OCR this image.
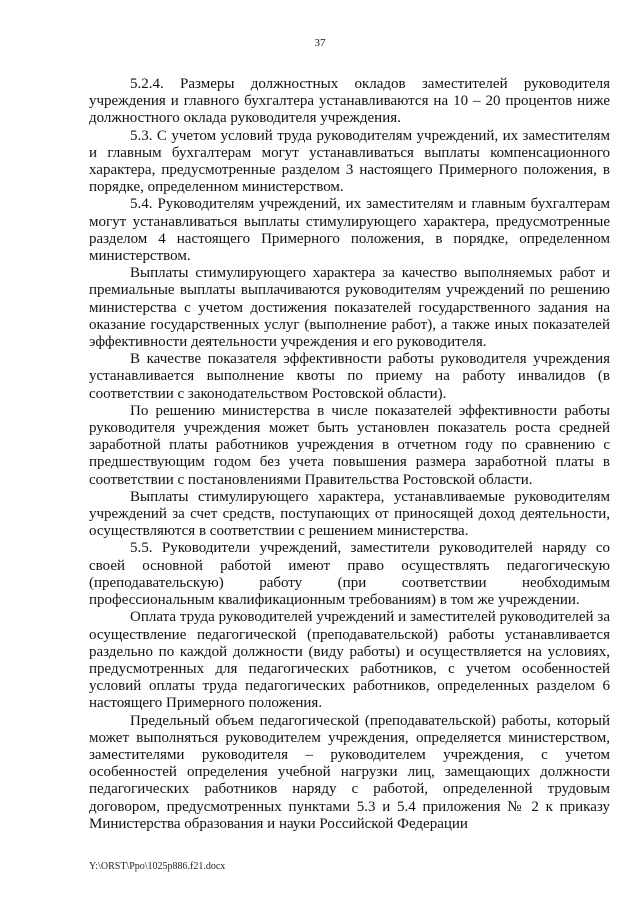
37

5.2.4. Размеры должностных окладов заместителей руководителя учреждения и главного бухгалтера устанавливаются на 10 – 20 процентов ниже должностного оклада руководителя учреждения.

5.3. С учетом условий труда руководителям учреждений, их заместителям и главным бухгалтерам могут устанавливаться выплаты компенсационного характера, предусмотренные разделом 3 настоящего Примерного положения, в порядке, определенном министерством.

5.4. Руководителям учреждений, их заместителям и главным бухгалтерам могут устанавливаться выплаты стимулирующего характера, предусмотренные разделом 4 настоящего Примерного положения, в порядке, определенном министерством.

Выплаты стимулирующего характера за качество выполняемых работ и премиальные выплаты выплачиваются руководителям учреждений по решению министерства с учетом достижения показателей государственного задания на оказание государственных услуг (выполнение работ), а также иных показателей эффективности деятельности учреждения и его руководителя.

В качестве показателя эффективности работы руководителя учреждения устанавливается выполнение квоты по приему на работу инвалидов (в соответствии с законодательством Ростовской области).

По решению министерства в числе показателей эффективности работы руководителя учреждения может быть установлен показатель роста средней заработной платы работников учреждения в отчетном году по сравнению с предшествующим годом без учета повышения размера заработной платы в соответствии с постановлениями Правительства Ростовской области.

Выплаты стимулирующего характера, устанавливаемые руководителям учреждений за счет средств, поступающих от приносящей доход деятельности, осуществляются в соответствии с решением министерства.

5.5. Руководители учреждений, заместители руководителей наряду со своей основной работой имеют право осуществлять педагогическую (преподавательскую) работу (при соответствии необходимым профессиональным квалификационным требованиям) в том же учреждении.

Оплата труда руководителей учреждений и заместителей руководителей за осуществление педагогической (преподавательской) работы устанавливается раздельно по каждой должности (виду работы) и осуществляется на условиях, предусмотренных для педагогических работников, с учетом особенностей условий оплаты труда педагогических работников, определенных разделом 6 настоящего Примерного положения.

Предельный объем педагогической (преподавательской) работы, который может выполняться руководителем учреждения, определяется министерством, заместителями руководителя – руководителем учреждения, с учетом особенностей определения учебной нагрузки лиц, замещающих должности педагогических работников наряду с работой, определенной трудовым договором, предусмотренных пунктами 5.3 и 5.4 приложения № 2 к приказу Министерства образования и науки Российской Федерации

Y:\ORST\Ppo\1025p886.f21.docx
